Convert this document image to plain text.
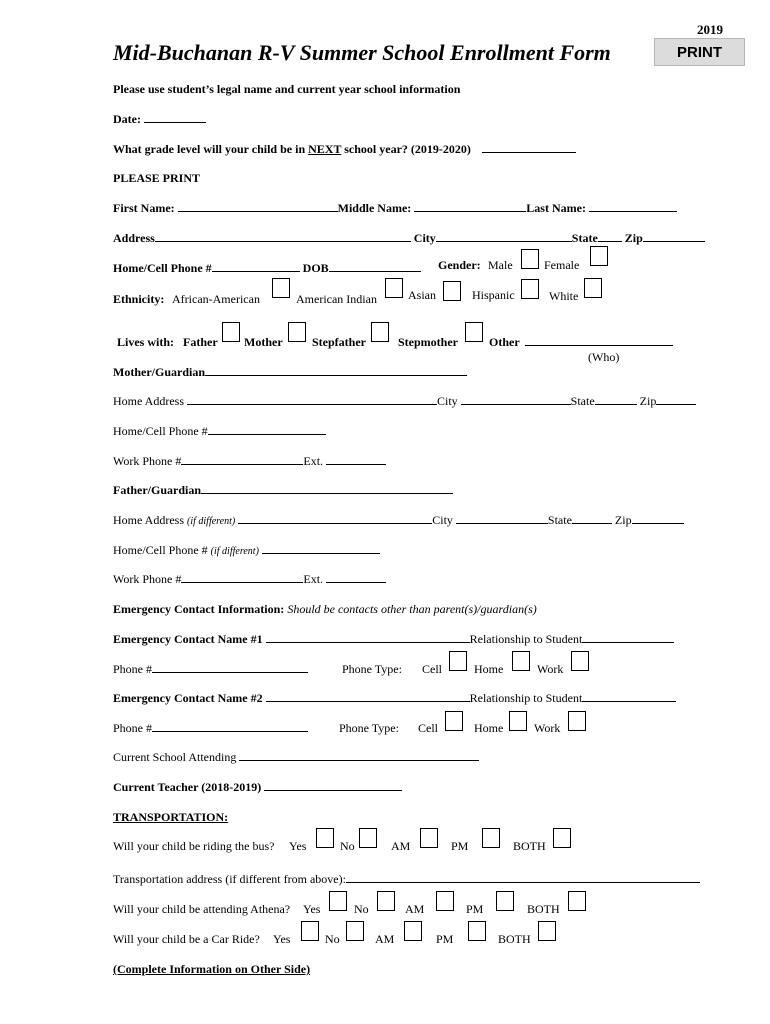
2019
Mid-Buchanan R-V Summer School Enrollment Form	PRINT
Please use student’s legal name and current year school information
Date:
What grade level will your child be in NEXT school year? (2019-2020)
PLEASE PRINT
First Name:	Middle Name:	Last Name:
Address	City	State Zip
Home/Cell Phone #	DOB	Gender: Male	Female
Ethnicity: African-American	American Indian	Asian	Hispanic	White
Lives with: Father Mother Stepfather	Stepmother	Other
(Who)
Mother/Guardian
Home Address	City	State	Zip
Home/Cell Phone #
Work Phone #	Ext.
Father/Guardian
Home Address (if different)	City	State	Zip
Home/Cell Phone # (if different)
Work Phone #	Ext.
Emergency Contact Information: Should be contacts other than parent(s)/guardian(s)
Emergency Contact Name #1	Relationship to Student
Phone #	Phone Type: Cell	Home	Work
Emergency Contact Name #2	Relationship to Student
Phone #	Phone Type: Cell	Home	Work
Current School Attending
Current Teacher (2018-2019)
TRANSPORTATION:
Will your child be riding the bus? Yes	No	AM	PM	BOTH
Transportation address (if different from above):
Will your child be attending Athena? Yes	No	AM	PM	BOTH
Will your child be a Car Ride? Yes	No	AM	PM	BOTH
(Complete Information on Other Side)
